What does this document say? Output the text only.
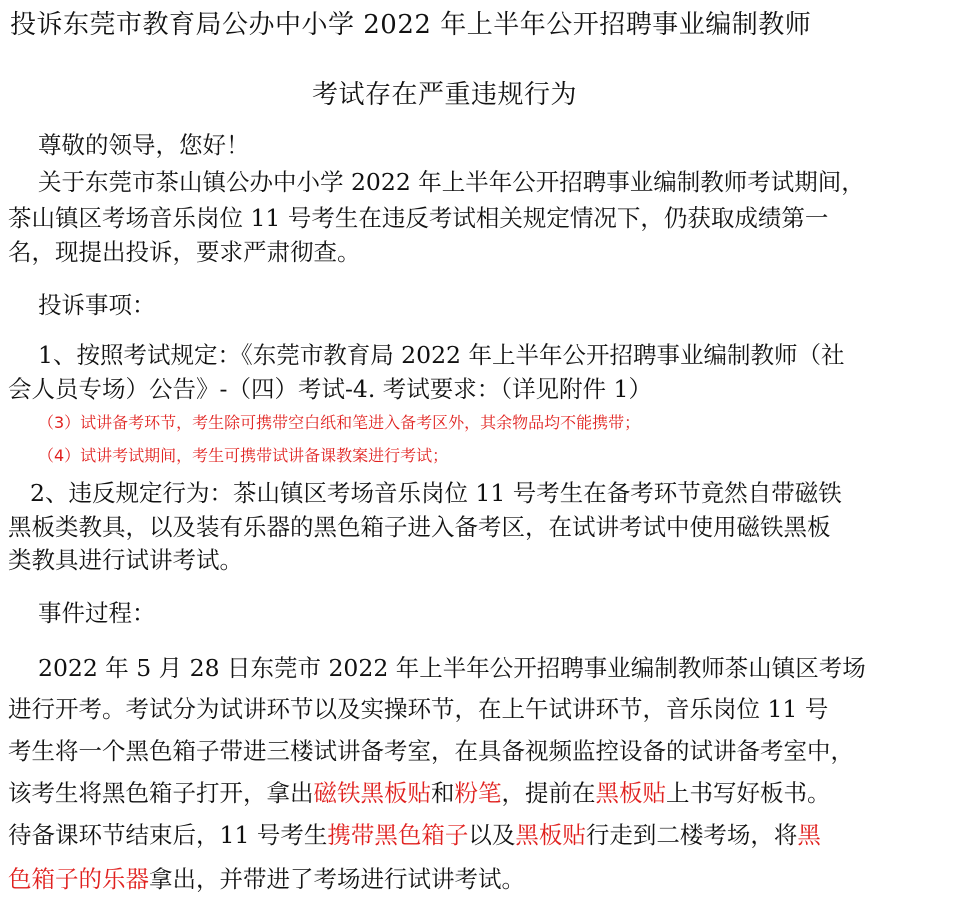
投诉东莞市教育局公办中小学 2022 年上半年公开招聘事业编制教师
考试存在严重违规行为
尊敬的领导，您好！
关于东莞市茶山镇公办中小学 2022 年上半年公开招聘事业编制教师考试期间，
茶山镇区考场音乐岗位 11 号考生在违反考试相关规定情况下，仍获取成绩第一
名，现提出投诉，要求严肃彻查。
投诉事项：
1、按照考试规定：《东莞市教育局 2022 年上半年公开招聘事业编制教师（社
会人员专场）公告》-（四）考试-4. 考试要求：（详见附件 1）
（3）试讲备考环节，考生除可携带空白纸和笔进入备考区外，其余物品均不能携带；
（4）试讲考试期间，考生可携带试讲备课教案进行考试；
2、违反规定行为：茶山镇区考场音乐岗位 11 号考生在备考环节竟然自带磁铁
黑板类教具，以及装有乐器的黑色箱子进入备考区，在试讲考试中使用磁铁黑板
类教具进行试讲考试。
事件过程：
2022 年 5 月 28 日东莞市 2022 年上半年公开招聘事业编制教师茶山镇区考场
进行开考。考试分为试讲环节以及实操环节，在上午试讲环节，音乐岗位 11 号
考生将一个黑色箱子带进三楼试讲备考室，在具备视频监控设备的试讲备考室中，
该考生将黑色箱子打开，拿出磁铁黑板贴和粉笔，提前在黑板贴上书写好板书。
待备课环节结束后，11 号考生携带黑色箱子以及黑板贴行走到二楼考场，将黑
色箱子的乐器拿出，并带进了考场进行试讲考试。
